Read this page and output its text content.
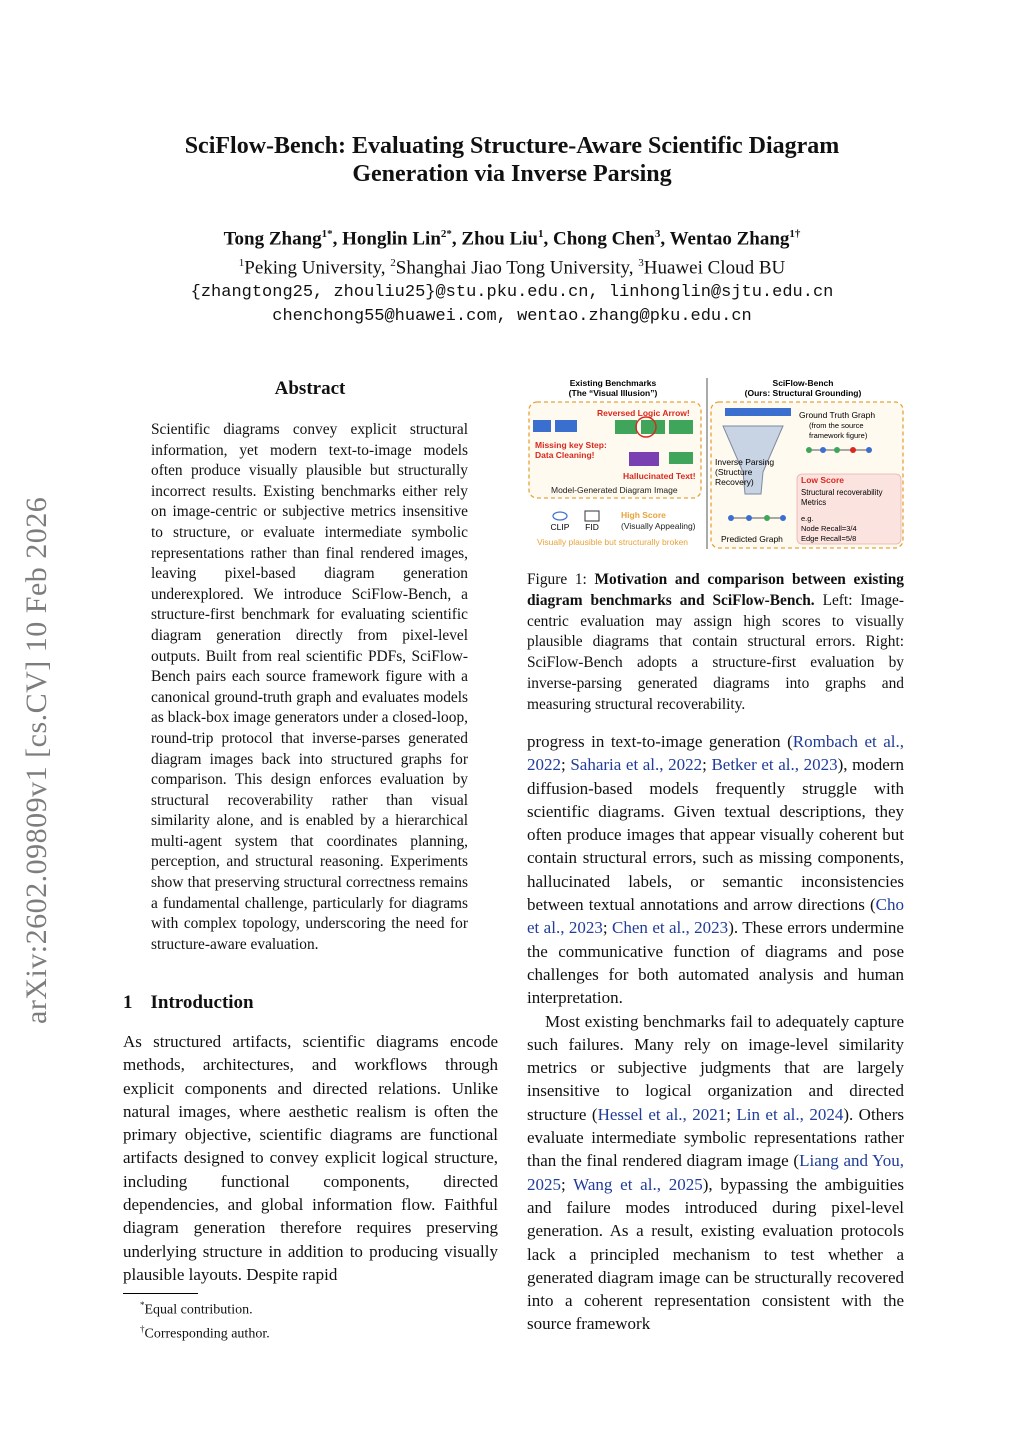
arXiv:2602.09809v1 [cs.CV] 10 Feb 2026
SciFlow-Bench: Evaluating Structure-Aware Scientific Diagram
Generation via Inverse Parsing
Tong Zhang$^{1*}$, Honglin Lin$^{2*}$, Zhou Liu$^1$, Chong Chen$^3$, Wentao Zhang$^{1\dagger}$
$^1$Peking University, $^2$Shanghai Jiao Tong University, $^3$Huawei Cloud BU
{zhangtong25, zhouliu25}@stu.pku.edu.cn, linhonglin@sjtu.edu.cn
chenchong55@huawei.com, wentao.zhang@pku.edu.cn
Abstract
Scientific diagrams convey explicit structural information, yet modern text-to-image models often produce visually plausible but structurally incorrect results. Existing benchmarks either rely on image-centric or subjective metrics insensitive to structure, or evaluate intermediate symbolic representations rather than final rendered images, leaving pixel-based diagram generation underexplored. We introduce SciFlow-Bench, a structure-first benchmark for evaluating scientific diagram generation directly from pixel-level outputs. Built from real scientific PDFs, SciFlow-Bench pairs each source framework figure with a canonical ground-truth graph and evaluates models as black-box image generators under a closed-loop, round-trip protocol that inverse-parses generated diagram images back into structured graphs for comparison. This design enforces evaluation by structural recoverability rather than visual similarity alone, and is enabled by a hierarchical multi-agent system that coordinates planning, perception, and structural reasoning. Experiments show that preserving structural correctness remains a fundamental challenge, particularly for diagrams with complex topology, underscoring the need for structure-aware evaluation.
1 Introduction
As structured artifacts, scientific diagrams encode methods, architectures, and workflows through explicit components and directed relations. Unlike natural images, where aesthetic realism is often the primary objective, scientific diagrams are functional artifacts designed to convey explicit logical structure, including functional components, directed dependencies, and global information flow. Faithful diagram generation therefore requires preserving underlying structure in addition to producing visually plausible layouts. Despite rapid
*Equal contribution.
†Corresponding author.
Existing Benchmarks
(The “Visual Illusion”)
SciFlow-Bench
(Ours: Structural Grounding)
Reversed Logic Arrow!
Missing key Step:
Data Cleaning!
Hallucinated Text!
Model-Generated Diagram Image
CLIP FID
High Score
(Visually Appealing)
Visually plausible but structurally broken
Inverse Parsing
(Structure
Recovery)
Ground Truth Graph
(from the source
framework figure)
Low Score
Structural recoverability
Metrics
e.g.
Node Recall=3/4
Edge Recall=5/8
Predicted Graph
Figure 1: Motivation and comparison between existing diagram benchmarks and SciFlow-Bench. Left: Image-centric evaluation may assign high scores to visually plausible diagrams that contain structural errors. Right: SciFlow-Bench adopts a structure-first evaluation by inverse-parsing generated diagrams into graphs and measuring structural recoverability.

progress in text-to-image generation (Rombach et al., 2022; Saharia et al., 2022; Betker et al., 2023), modern diffusion-based models frequently struggle with scientific diagrams. Given textual descriptions, they often produce images that appear visually coherent but contain structural errors, such as missing components, hallucinated labels, or semantic inconsistencies between textual annotations and arrow directions (Cho et al., 2023; Chen et al., 2023). These errors undermine the communicative function of diagrams and pose challenges for both automated analysis and human interpretation.

Most existing benchmarks fail to adequately capture such failures. Many rely on image-level similarity metrics or subjective judgments that are largely insensitive to logical organization and directed structure (Hessel et al., 2021; Lin et al., 2024). Others evaluate intermediate symbolic representations rather than the final rendered diagram image (Liang and You, 2025; Wang et al., 2025), bypassing the ambiguities and failure modes introduced during pixel-level generation. As a result, existing evaluation protocols lack a principled mechanism to test whether a generated diagram image can be structurally recovered into a coherent representation consistent with the source framework
